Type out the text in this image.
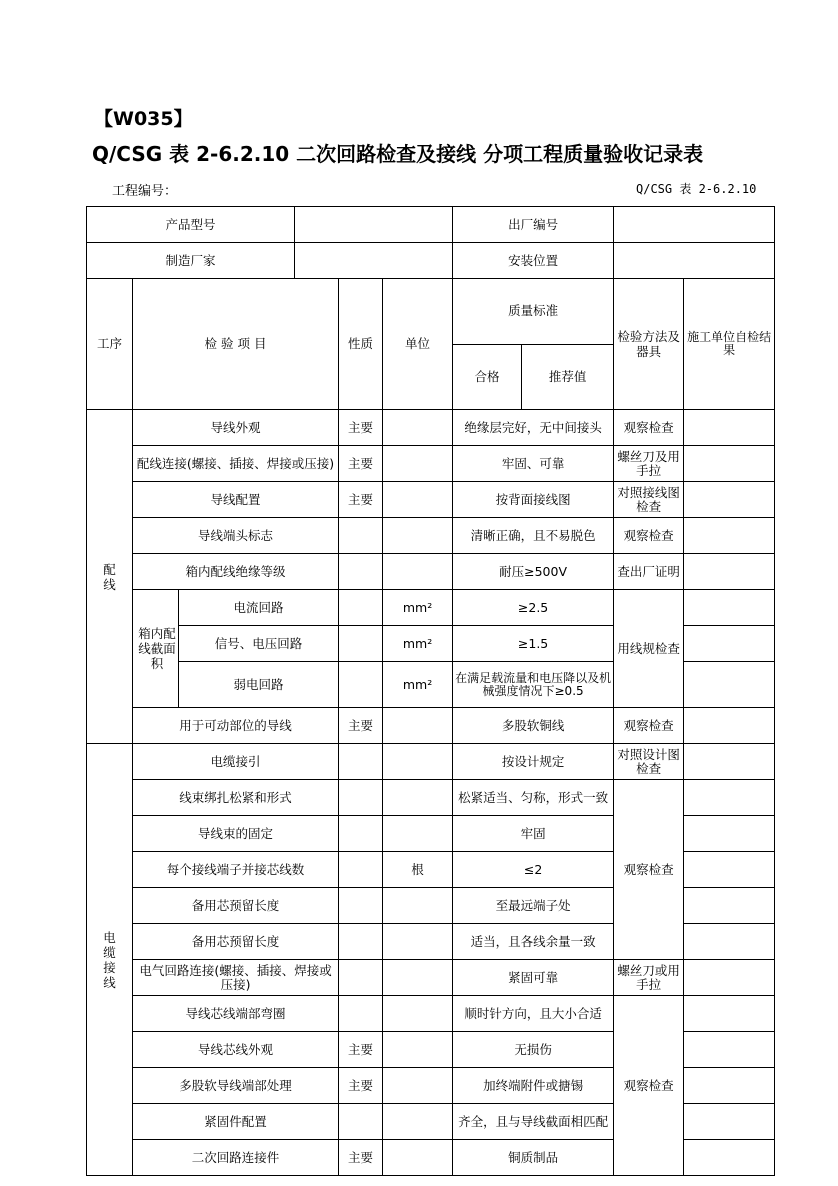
【W035】
Q/CSG 表 2-6.2.10 二次回路检查及接线 分项工程质量验收记录表
工程编号：	Q/CSG 表 2-6.2.10
产品型号						出厂编号				
制造厂家						安装位置				
工序	检 验 项 目			性质	单位	质量标准		检验方法及器具	施工单位自检结果	
						合格	推荐值			
配线	导线外观			主要		绝缘层完好，无中间接头		观察检查		
	配线连接(螺接、插接、焊接或压接)			主要		牢固、可靠		螺丝刀及用手拉		
	导线配置			主要		按背面接线图		对照接线图检查		
	导线端头标志					清晰正确，且不易脱色		观察检查		
	箱内配线绝缘等级					耐压≥500V		查出厂证明		
	箱内配线截面积	电流回路			mm²	≥2.5		用线规检查		
		信号、电压回路			mm²	≥1.5				
		弱电回路			mm²	在满足载流量和电压降以及机械强度情况下≥0.5				
	用于可动部位的导线			主要		多股软铜线		观察检查		
电缆接线	电缆接引					按设计规定		对照设计图检查		
	线束绑扎松紧和形式					松紧适当、匀称，形式一致		观察检查		
	导线束的固定					牢固				
	每个接线端子并接芯线数				根	≤2				
	备用芯预留长度					至最远端子处				
	备用芯预留长度					适当，且各线余量一致				
	电气回路连接(螺接、插接、焊接或压接)					紧固可靠		螺丝刀或用手拉		
	导线芯线端部弯圈					顺时针方向，且大小合适		观察检查		
	导线芯线外观			主要		无损伤				
	多股软导线端部处理			主要		加终端附件或搪锡				
	紧固件配置					齐全，且与导线截面相匹配				
	二次回路连接件			主要		铜质制品				
